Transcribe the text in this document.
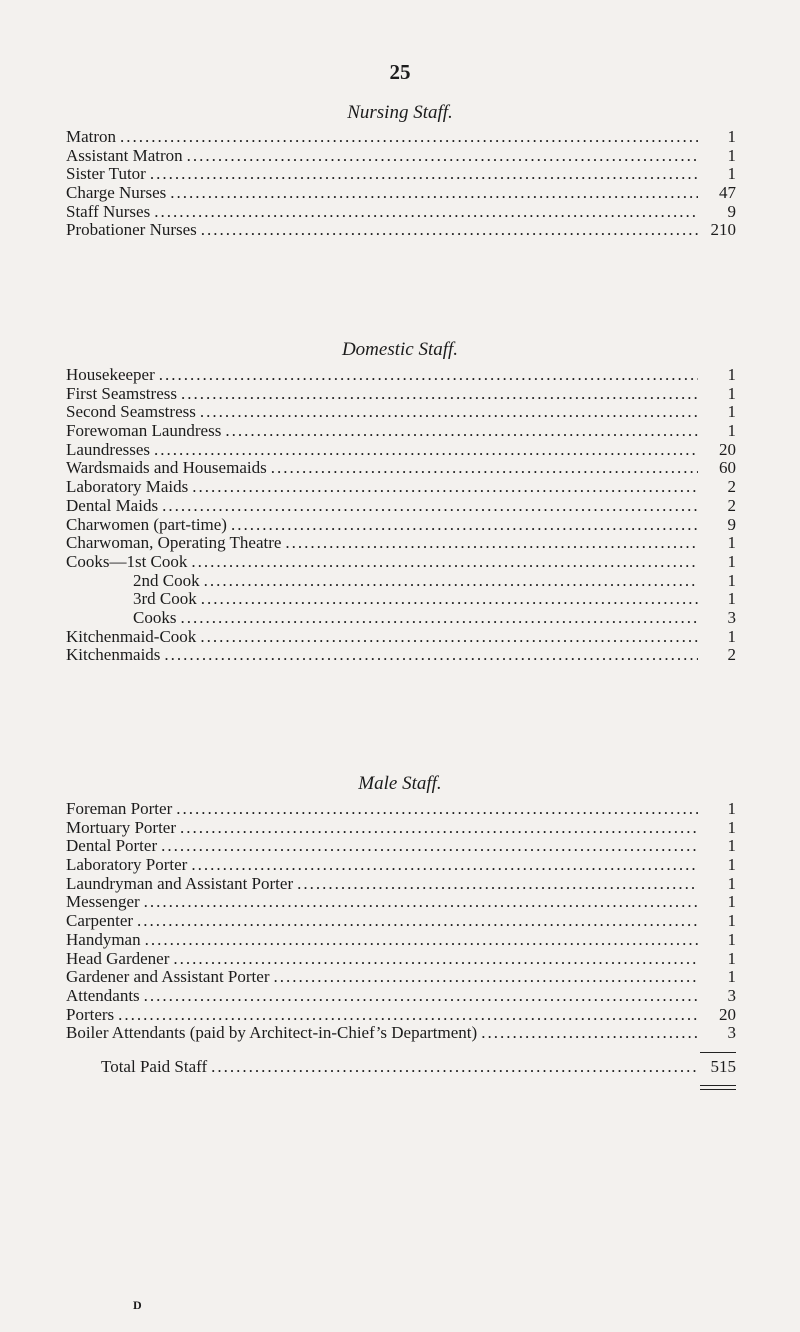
25
Nursing Staff.
Matron .....	1
Assistant Matron .....	1
Sister Tutor .....	1
Charge Nurses .....	47
Staff Nurses .....	9
Probationer Nurses .....	210
Domestic Staff.
Housekeeper .....	1
First Seamstress .....	1
Second Seamstress .....	1
Forewoman Laundress .....	1
Laundresses .....	20
Wardsmaids and Housemaids .....	60
Laboratory Maids .....	2
Dental Maids .....	2
Charwomen (part-time) .....	9
Charwoman, Operating Theatre .....	1
Cooks—1st Cook .....	1
2nd Cook .....	1
3rd Cook .....	1
Cooks .....	3
Kitchenmaid-Cook .....	1
Kitchenmaids .....	2
Male Staff.
Foreman Porter .....	1
Mortuary Porter .....	1
Dental Porter .....	1
Laboratory Porter .....	1
Laundryman and Assistant Porter .....	1
Messenger .....	1
Carpenter .....	1
Handyman .....	1
Head Gardener .....	1
Gardener and Assistant Porter .....	1
Attendants .....	3
Porters .....	20
Boiler Attendants (paid by Architect-in-Chief’s Department) .....	3
Total Paid Staff .....	515
D
